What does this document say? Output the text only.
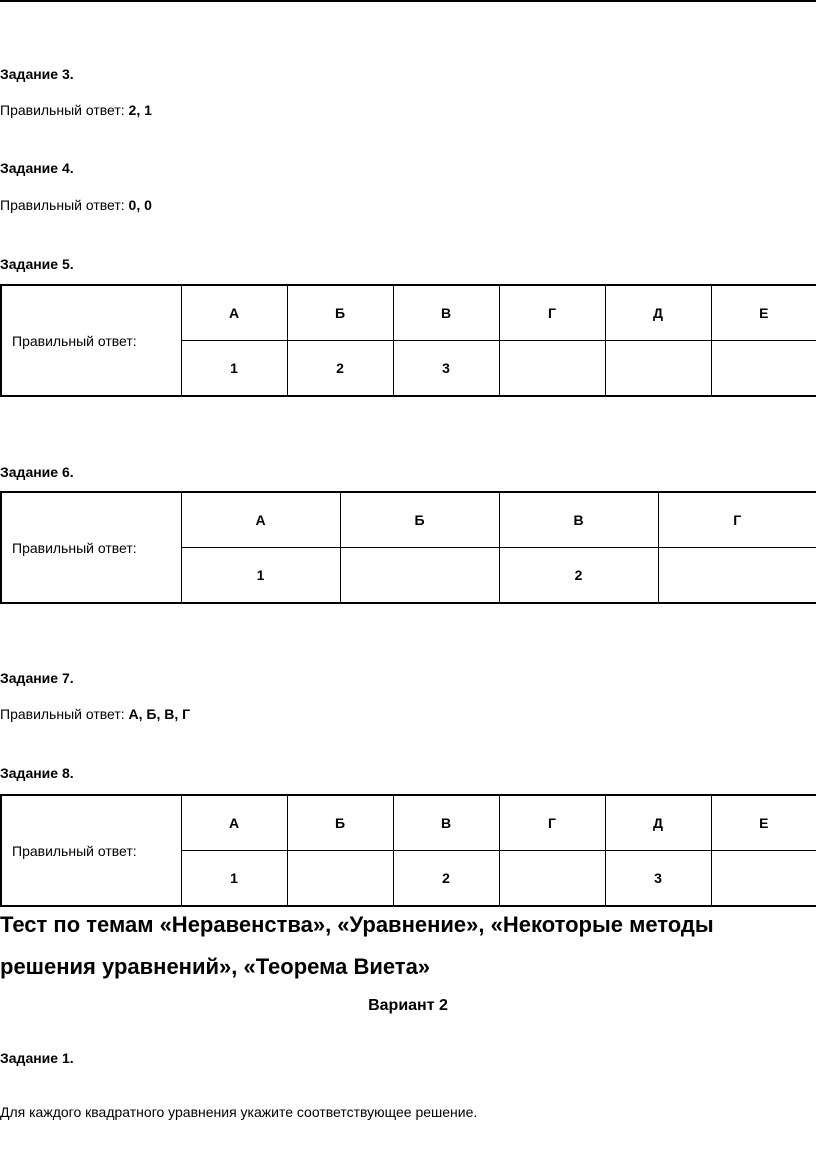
Задание 3.
Правильный ответ: 2, 1
Задание 4.
Правильный ответ: 0, 0
Задание 5.
Правильный ответ:	А	Б	В	Г	Д	Е
	1	2	3			
Задание 6.
Правильный ответ:	А	Б	В	Г
	1		2	
Задание 7.
Правильный ответ: А, Б, В, Г
Задание 8.
Правильный ответ:	А	Б	В	Г	Д	Е
	1		2		3	
Тест по темам «Неравенства», «Уравнение», «Некоторые методы
решения уравнений», «Теорема Виета»
Вариант 2
Задание 1.
Для каждого квадратного уравнения укажите соответствующее решение.
